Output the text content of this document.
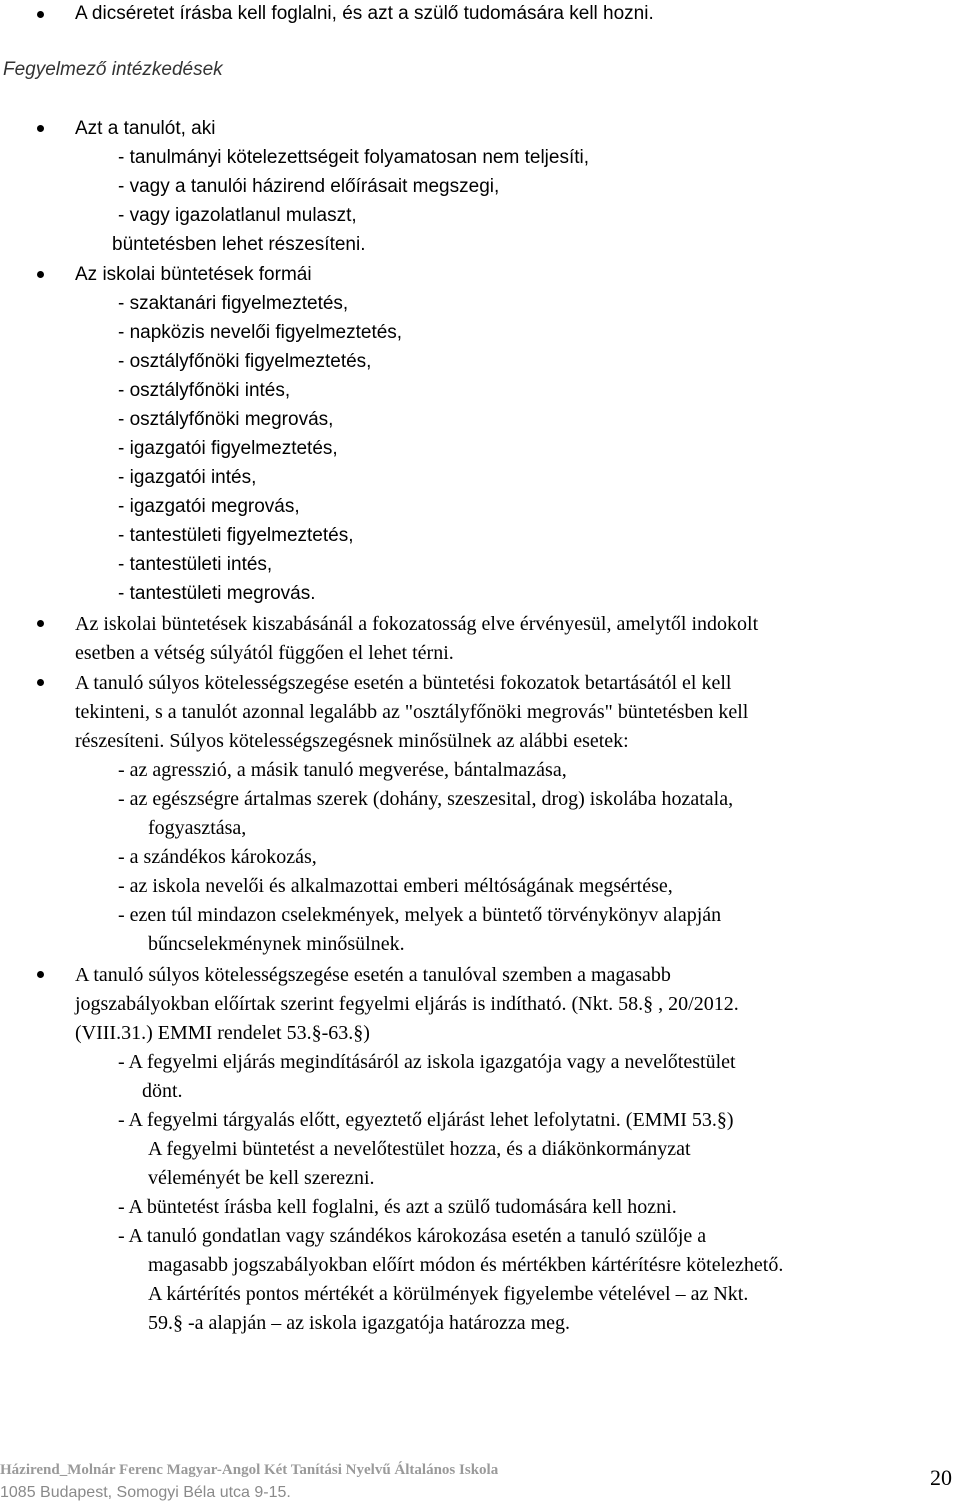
A dicséretet írásba kell foglalni, és azt a szülő tudomására kell hozni.
Fegyelmező intézkedések
Azt a tanulót, aki
- tanulmányi kötelezettségeit folyamatosan nem teljesíti,
- vagy a tanulói házirend előírásait megszegi,
- vagy igazolatlanul mulaszt,
büntetésben lehet részesíteni.
Az iskolai büntetések formái
- szaktanári figyelmeztetés,
- napközis nevelői figyelmeztetés,
- osztályfőnöki figyelmeztetés,
- osztályfőnöki intés,
- osztályfőnöki megrovás,
- igazgatói figyelmeztetés,
- igazgatói intés,
- igazgatói megrovás,
- tantestületi figyelmeztetés,
- tantestületi intés,
- tantestületi megrovás.
Az iskolai büntetések kiszabásánál a fokozatosság elve érvényesül, amelytől indokolt
esetben a vétség súlyától függően el lehet térni.
A tanuló súlyos kötelességszegése esetén a büntetési fokozatok betartásától el kell
tekinteni, s a tanulót azonnal legalább az "osztályfőnöki megrovás" büntetésben kell
részesíteni. Súlyos kötelességszegésnek minősülnek az alábbi esetek:
- az agresszió, a másik tanuló megverése, bántalmazása,
- az egészségre ártalmas szerek (dohány, szeszesital, drog) iskolába hozatala,
fogyasztása,
- a szándékos károkozás,
- az iskola nevelői és alkalmazottai emberi méltóságának megsértése,
- ezen túl mindazon cselekmények, melyek a büntető törvénykönyv alapján
bűncselekménynek minősülnek.
A tanuló súlyos kötelességszegése esetén a tanulóval szemben a magasabb
jogszabályokban előírtak szerint fegyelmi eljárás is indítható. (Nkt. 58.§ , 20/2012.
(VIII.31.) EMMI rendelet 53.§-63.§)
- A fegyelmi eljárás megindításáról az iskola igazgatója vagy a nevelőtestület
dönt.
- A fegyelmi tárgyalás előtt, egyeztető eljárást lehet lefolytatni. (EMMI 53.§)
A fegyelmi büntetést a nevelőtestület hozza, és a diákönkormányzat
véleményét be kell szerezni.
- A büntetést írásba kell foglalni, és azt a szülő tudomására kell hozni.
- A tanuló gondatlan vagy szándékos károkozása esetén a tanuló szülője a
magasabb jogszabályokban előírt módon és mértékben kártérítésre kötelezhető.
A kártérítés pontos mértékét a körülmények figyelembe vételével – az Nkt.
59.§ -a alapján – az iskola igazgatója határozza meg.
Házirend_Molnár Ferenc Magyar-Angol Két Tanítási Nyelvű Általános Iskola
1085 Budapest, Somogyi Béla utca 9-15.
20
